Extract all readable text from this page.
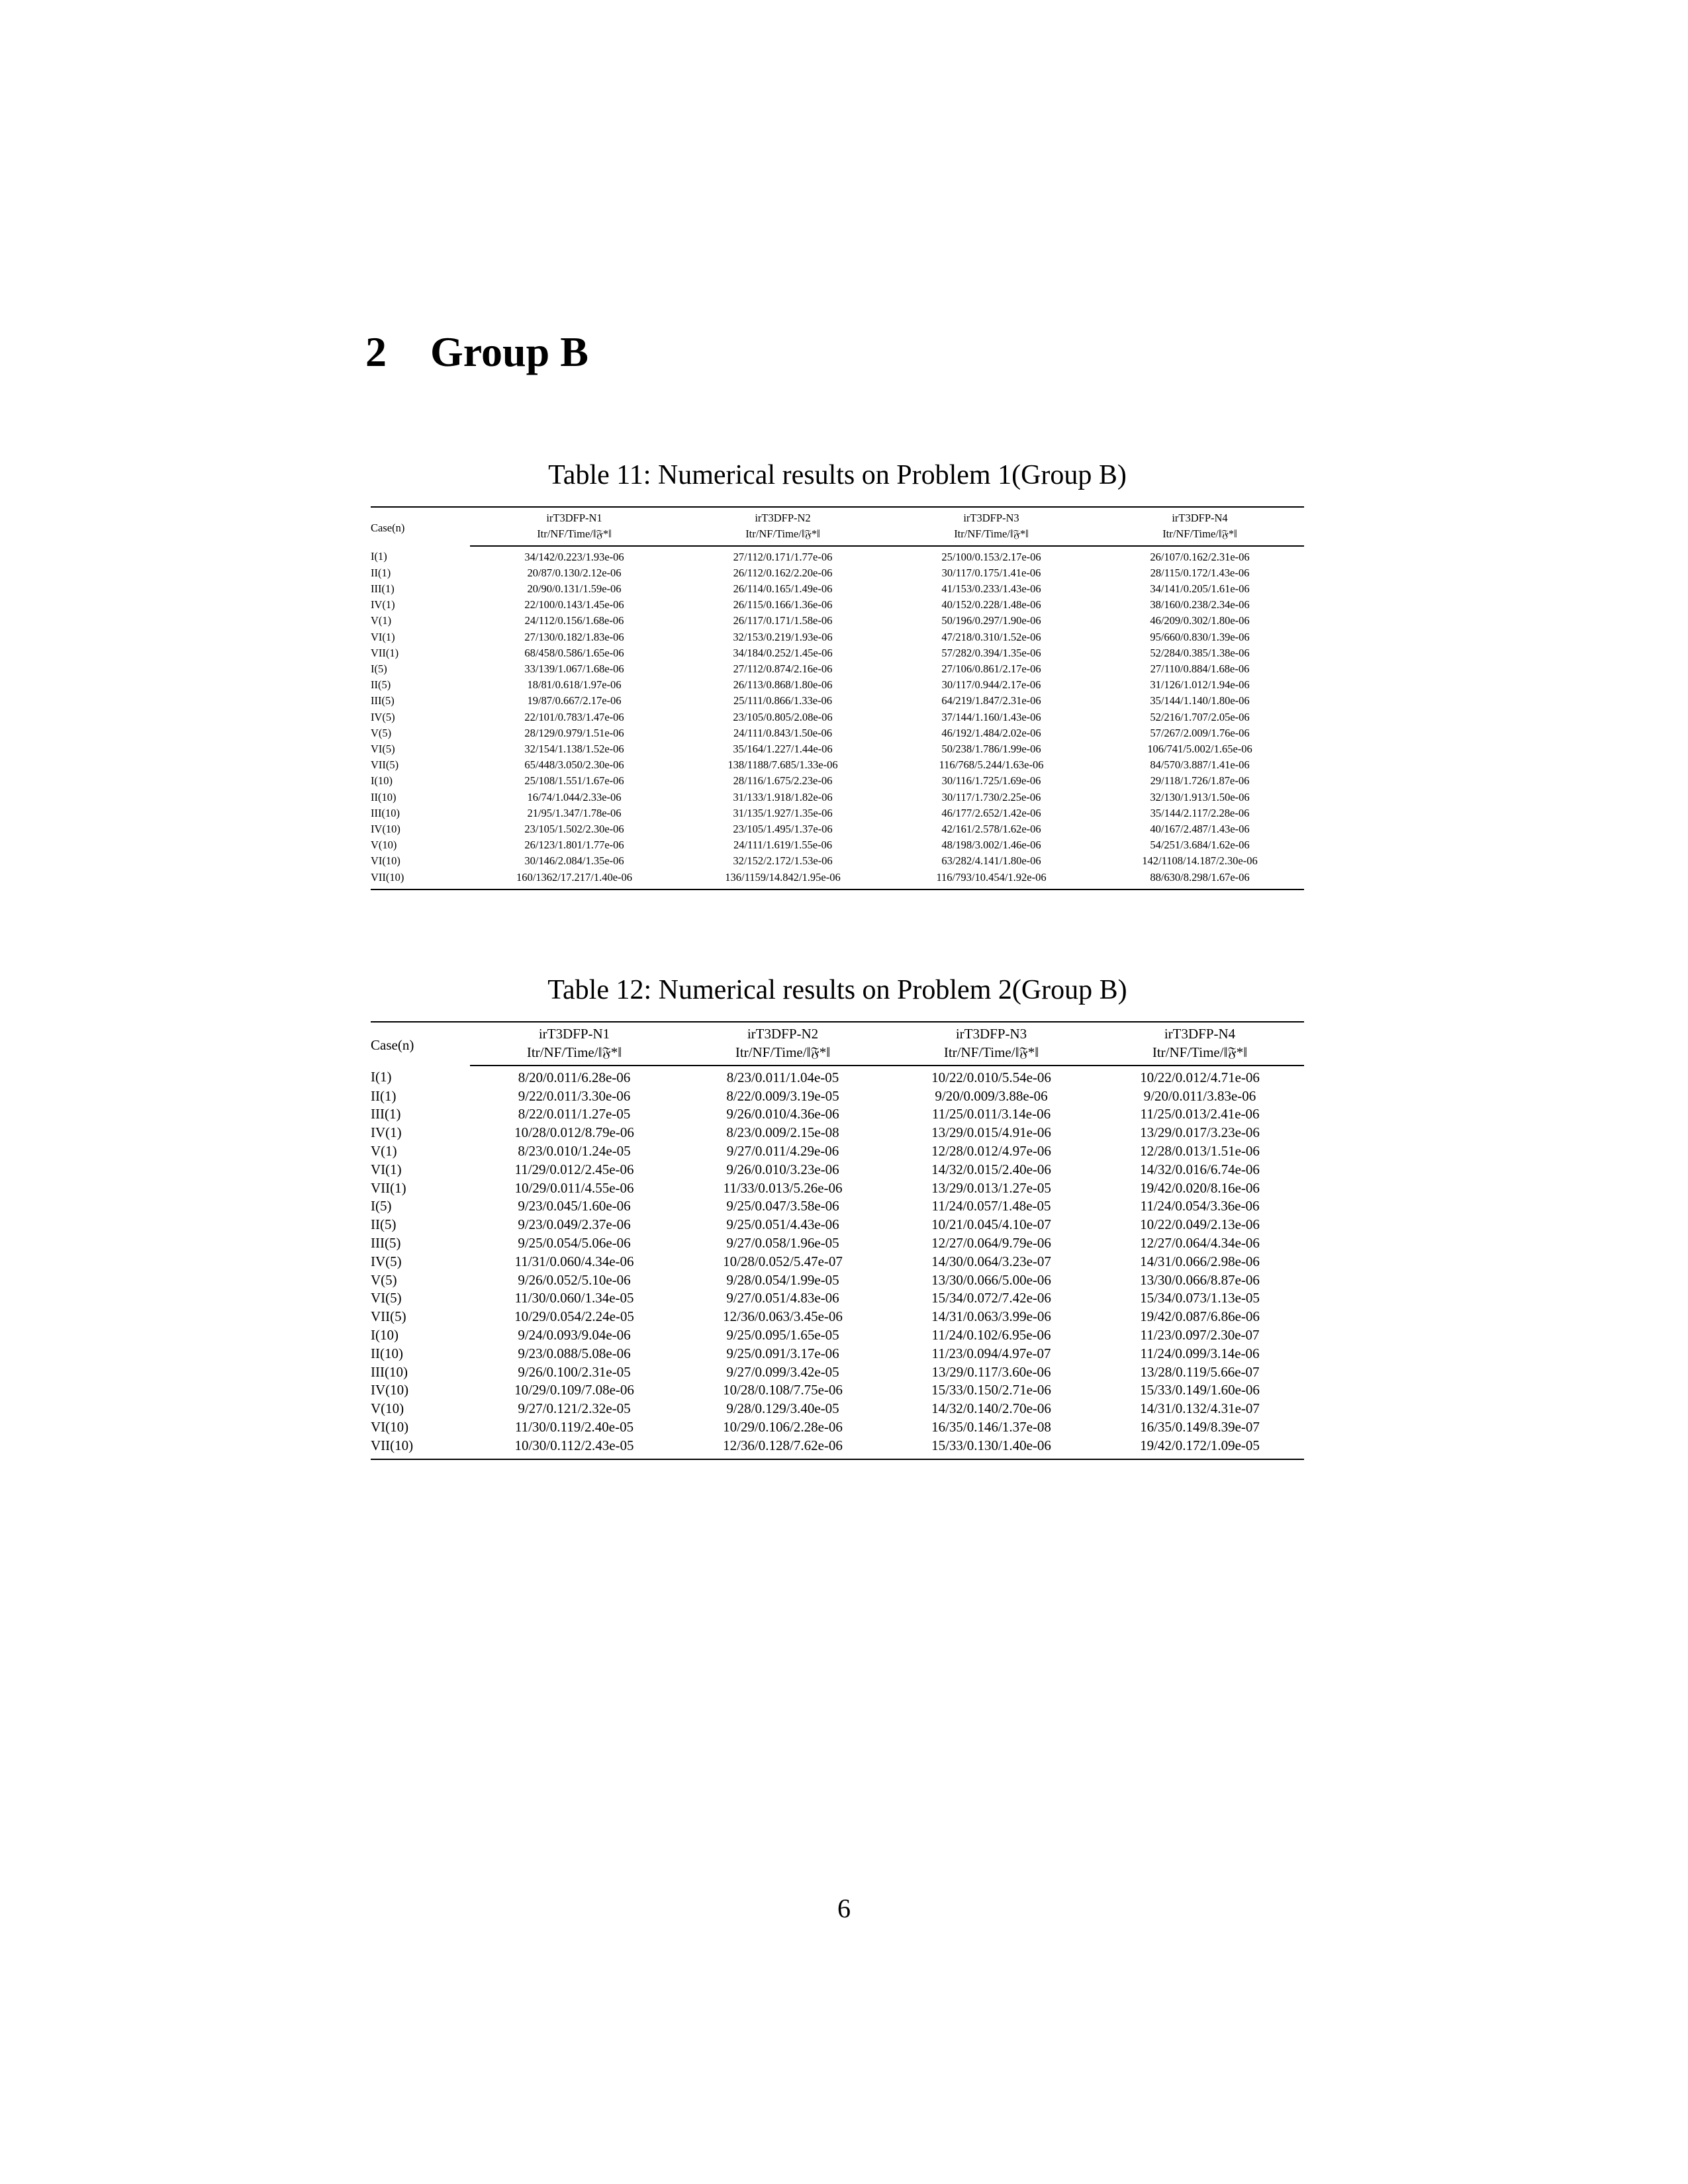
2 Group B
Table 11: Numerical results on Problem 1(Group B)
Case(n)	irT3DFP-N1	irT3DFP-N2	irT3DFP-N3	irT3DFP-N4
	Itr/NF/Time/‖𝔉*‖	Itr/NF/Time/‖𝔉*‖	Itr/NF/Time/‖𝔉*‖	Itr/NF/Time/‖𝔉*‖
I(1)	34/142/0.223/1.93e-06	27/112/0.171/1.77e-06	25/100/0.153/2.17e-06	26/107/0.162/2.31e-06
II(1)	20/87/0.130/2.12e-06	26/112/0.162/2.20e-06	30/117/0.175/1.41e-06	28/115/0.172/1.43e-06
III(1)	20/90/0.131/1.59e-06	26/114/0.165/1.49e-06	41/153/0.233/1.43e-06	34/141/0.205/1.61e-06
IV(1)	22/100/0.143/1.45e-06	26/115/0.166/1.36e-06	40/152/0.228/1.48e-06	38/160/0.238/2.34e-06
V(1)	24/112/0.156/1.68e-06	26/117/0.171/1.58e-06	50/196/0.297/1.90e-06	46/209/0.302/1.80e-06
VI(1)	27/130/0.182/1.83e-06	32/153/0.219/1.93e-06	47/218/0.310/1.52e-06	95/660/0.830/1.39e-06
VII(1)	68/458/0.586/1.65e-06	34/184/0.252/1.45e-06	57/282/0.394/1.35e-06	52/284/0.385/1.38e-06
I(5)	33/139/1.067/1.68e-06	27/112/0.874/2.16e-06	27/106/0.861/2.17e-06	27/110/0.884/1.68e-06
II(5)	18/81/0.618/1.97e-06	26/113/0.868/1.80e-06	30/117/0.944/2.17e-06	31/126/1.012/1.94e-06
III(5)	19/87/0.667/2.17e-06	25/111/0.866/1.33e-06	64/219/1.847/2.31e-06	35/144/1.140/1.80e-06
IV(5)	22/101/0.783/1.47e-06	23/105/0.805/2.08e-06	37/144/1.160/1.43e-06	52/216/1.707/2.05e-06
V(5)	28/129/0.979/1.51e-06	24/111/0.843/1.50e-06	46/192/1.484/2.02e-06	57/267/2.009/1.76e-06
VI(5)	32/154/1.138/1.52e-06	35/164/1.227/1.44e-06	50/238/1.786/1.99e-06	106/741/5.002/1.65e-06
VII(5)	65/448/3.050/2.30e-06	138/1188/7.685/1.33e-06	116/768/5.244/1.63e-06	84/570/3.887/1.41e-06
I(10)	25/108/1.551/1.67e-06	28/116/1.675/2.23e-06	30/116/1.725/1.69e-06	29/118/1.726/1.87e-06
II(10)	16/74/1.044/2.33e-06	31/133/1.918/1.82e-06	30/117/1.730/2.25e-06	32/130/1.913/1.50e-06
III(10)	21/95/1.347/1.78e-06	31/135/1.927/1.35e-06	46/177/2.652/1.42e-06	35/144/2.117/2.28e-06
IV(10)	23/105/1.502/2.30e-06	23/105/1.495/1.37e-06	42/161/2.578/1.62e-06	40/167/2.487/1.43e-06
V(10)	26/123/1.801/1.77e-06	24/111/1.619/1.55e-06	48/198/3.002/1.46e-06	54/251/3.684/1.62e-06
VI(10)	30/146/2.084/1.35e-06	32/152/2.172/1.53e-06	63/282/4.141/1.80e-06	142/1108/14.187/2.30e-06
VII(10)	160/1362/17.217/1.40e-06	136/1159/14.842/1.95e-06	116/793/10.454/1.92e-06	88/630/8.298/1.67e-06
Table 12: Numerical results on Problem 2(Group B)
Case(n)	irT3DFP-N1	irT3DFP-N2	irT3DFP-N3	irT3DFP-N4
	Itr/NF/Time/‖𝔉*‖	Itr/NF/Time/‖𝔉*‖	Itr/NF/Time/‖𝔉*‖	Itr/NF/Time/‖𝔉*‖
I(1)	8/20/0.011/6.28e-06	8/23/0.011/1.04e-05	10/22/0.010/5.54e-06	10/22/0.012/4.71e-06
II(1)	9/22/0.011/3.30e-06	8/22/0.009/3.19e-05	9/20/0.009/3.88e-06	9/20/0.011/3.83e-06
III(1)	8/22/0.011/1.27e-05	9/26/0.010/4.36e-06	11/25/0.011/3.14e-06	11/25/0.013/2.41e-06
IV(1)	10/28/0.012/8.79e-06	8/23/0.009/2.15e-08	13/29/0.015/4.91e-06	13/29/0.017/3.23e-06
V(1)	8/23/0.010/1.24e-05	9/27/0.011/4.29e-06	12/28/0.012/4.97e-06	12/28/0.013/1.51e-06
VI(1)	11/29/0.012/2.45e-06	9/26/0.010/3.23e-06	14/32/0.015/2.40e-06	14/32/0.016/6.74e-06
VII(1)	10/29/0.011/4.55e-06	11/33/0.013/5.26e-06	13/29/0.013/1.27e-05	19/42/0.020/8.16e-06
I(5)	9/23/0.045/1.60e-06	9/25/0.047/3.58e-06	11/24/0.057/1.48e-05	11/24/0.054/3.36e-06
II(5)	9/23/0.049/2.37e-06	9/25/0.051/4.43e-06	10/21/0.045/4.10e-07	10/22/0.049/2.13e-06
III(5)	9/25/0.054/5.06e-06	9/27/0.058/1.96e-05	12/27/0.064/9.79e-06	12/27/0.064/4.34e-06
IV(5)	11/31/0.060/4.34e-06	10/28/0.052/5.47e-07	14/30/0.064/3.23e-07	14/31/0.066/2.98e-06
V(5)	9/26/0.052/5.10e-06	9/28/0.054/1.99e-05	13/30/0.066/5.00e-06	13/30/0.066/8.87e-06
VI(5)	11/30/0.060/1.34e-05	9/27/0.051/4.83e-06	15/34/0.072/7.42e-06	15/34/0.073/1.13e-05
VII(5)	10/29/0.054/2.24e-05	12/36/0.063/3.45e-06	14/31/0.063/3.99e-06	19/42/0.087/6.86e-06
I(10)	9/24/0.093/9.04e-06	9/25/0.095/1.65e-05	11/24/0.102/6.95e-06	11/23/0.097/2.30e-07
II(10)	9/23/0.088/5.08e-06	9/25/0.091/3.17e-06	11/23/0.094/4.97e-07	11/24/0.099/3.14e-06
III(10)	9/26/0.100/2.31e-05	9/27/0.099/3.42e-05	13/29/0.117/3.60e-06	13/28/0.119/5.66e-07
IV(10)	10/29/0.109/7.08e-06	10/28/0.108/7.75e-06	15/33/0.150/2.71e-06	15/33/0.149/1.60e-06
V(10)	9/27/0.121/2.32e-05	9/28/0.129/3.40e-05	14/32/0.140/2.70e-06	14/31/0.132/4.31e-07
VI(10)	11/30/0.119/2.40e-05	10/29/0.106/2.28e-06	16/35/0.146/1.37e-08	16/35/0.149/8.39e-07
VII(10)	10/30/0.112/2.43e-05	12/36/0.128/7.62e-06	15/33/0.130/1.40e-06	19/42/0.172/1.09e-05
6
